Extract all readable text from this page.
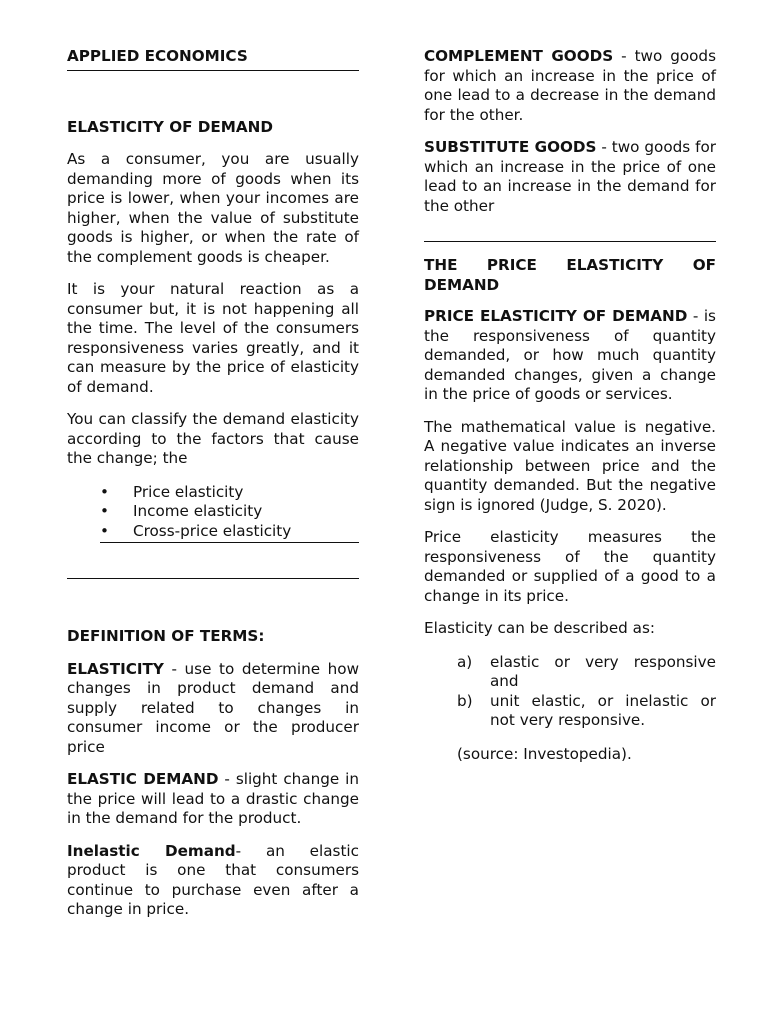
APPLIED ECONOMICS
ELASTICITY OF DEMAND

As a consumer, you are usually demanding more of goods when its price is lower, when your incomes are higher, when the value of substitute goods is higher, or when the rate of the complement goods is cheaper.

It is your natural reaction as a consumer but, it is not happening all the time. The level of the consumers responsiveness varies greatly, and it can measure by the price of elasticity of demand.

You can classify the demand elasticity according to the factors that cause the change; the

• Price elasticity
• Income elasticity
• Cross-price elasticity
DEFINITION OF TERMS:

ELASTICITY - use to determine how changes in product demand and supply related to changes in consumer income or the producer price

ELASTIC DEMAND - slight change in the price will lead to a drastic change in the demand for the product.

Inelastic Demand- an elastic product is one that consumers continue to purchase even after a change in price.

COMPLEMENT GOODS - two goods for which an increase in the price of one lead to a decrease in the demand for the other.

SUBSTITUTE GOODS - two goods for which an increase in the price of one lead to an increase in the demand for the other

THE PRICE ELASTICITY OF DEMAND

PRICE ELASTICITY OF DEMAND - is the responsiveness of quantity demanded, or how much quantity demanded changes, given a change in the price of goods or services.

The mathematical value is negative. A negative value indicates an inverse relationship between price and the quantity demanded. But the negative sign is ignored (Judge, S. 2020).

Price elasticity measures the responsiveness of the quantity demanded or supplied of a good to a change in its price.

Elasticity can be described as:

a) elastic or very responsive and
b) unit elastic, or inelastic or not very responsive.

(source: Investopedia).
